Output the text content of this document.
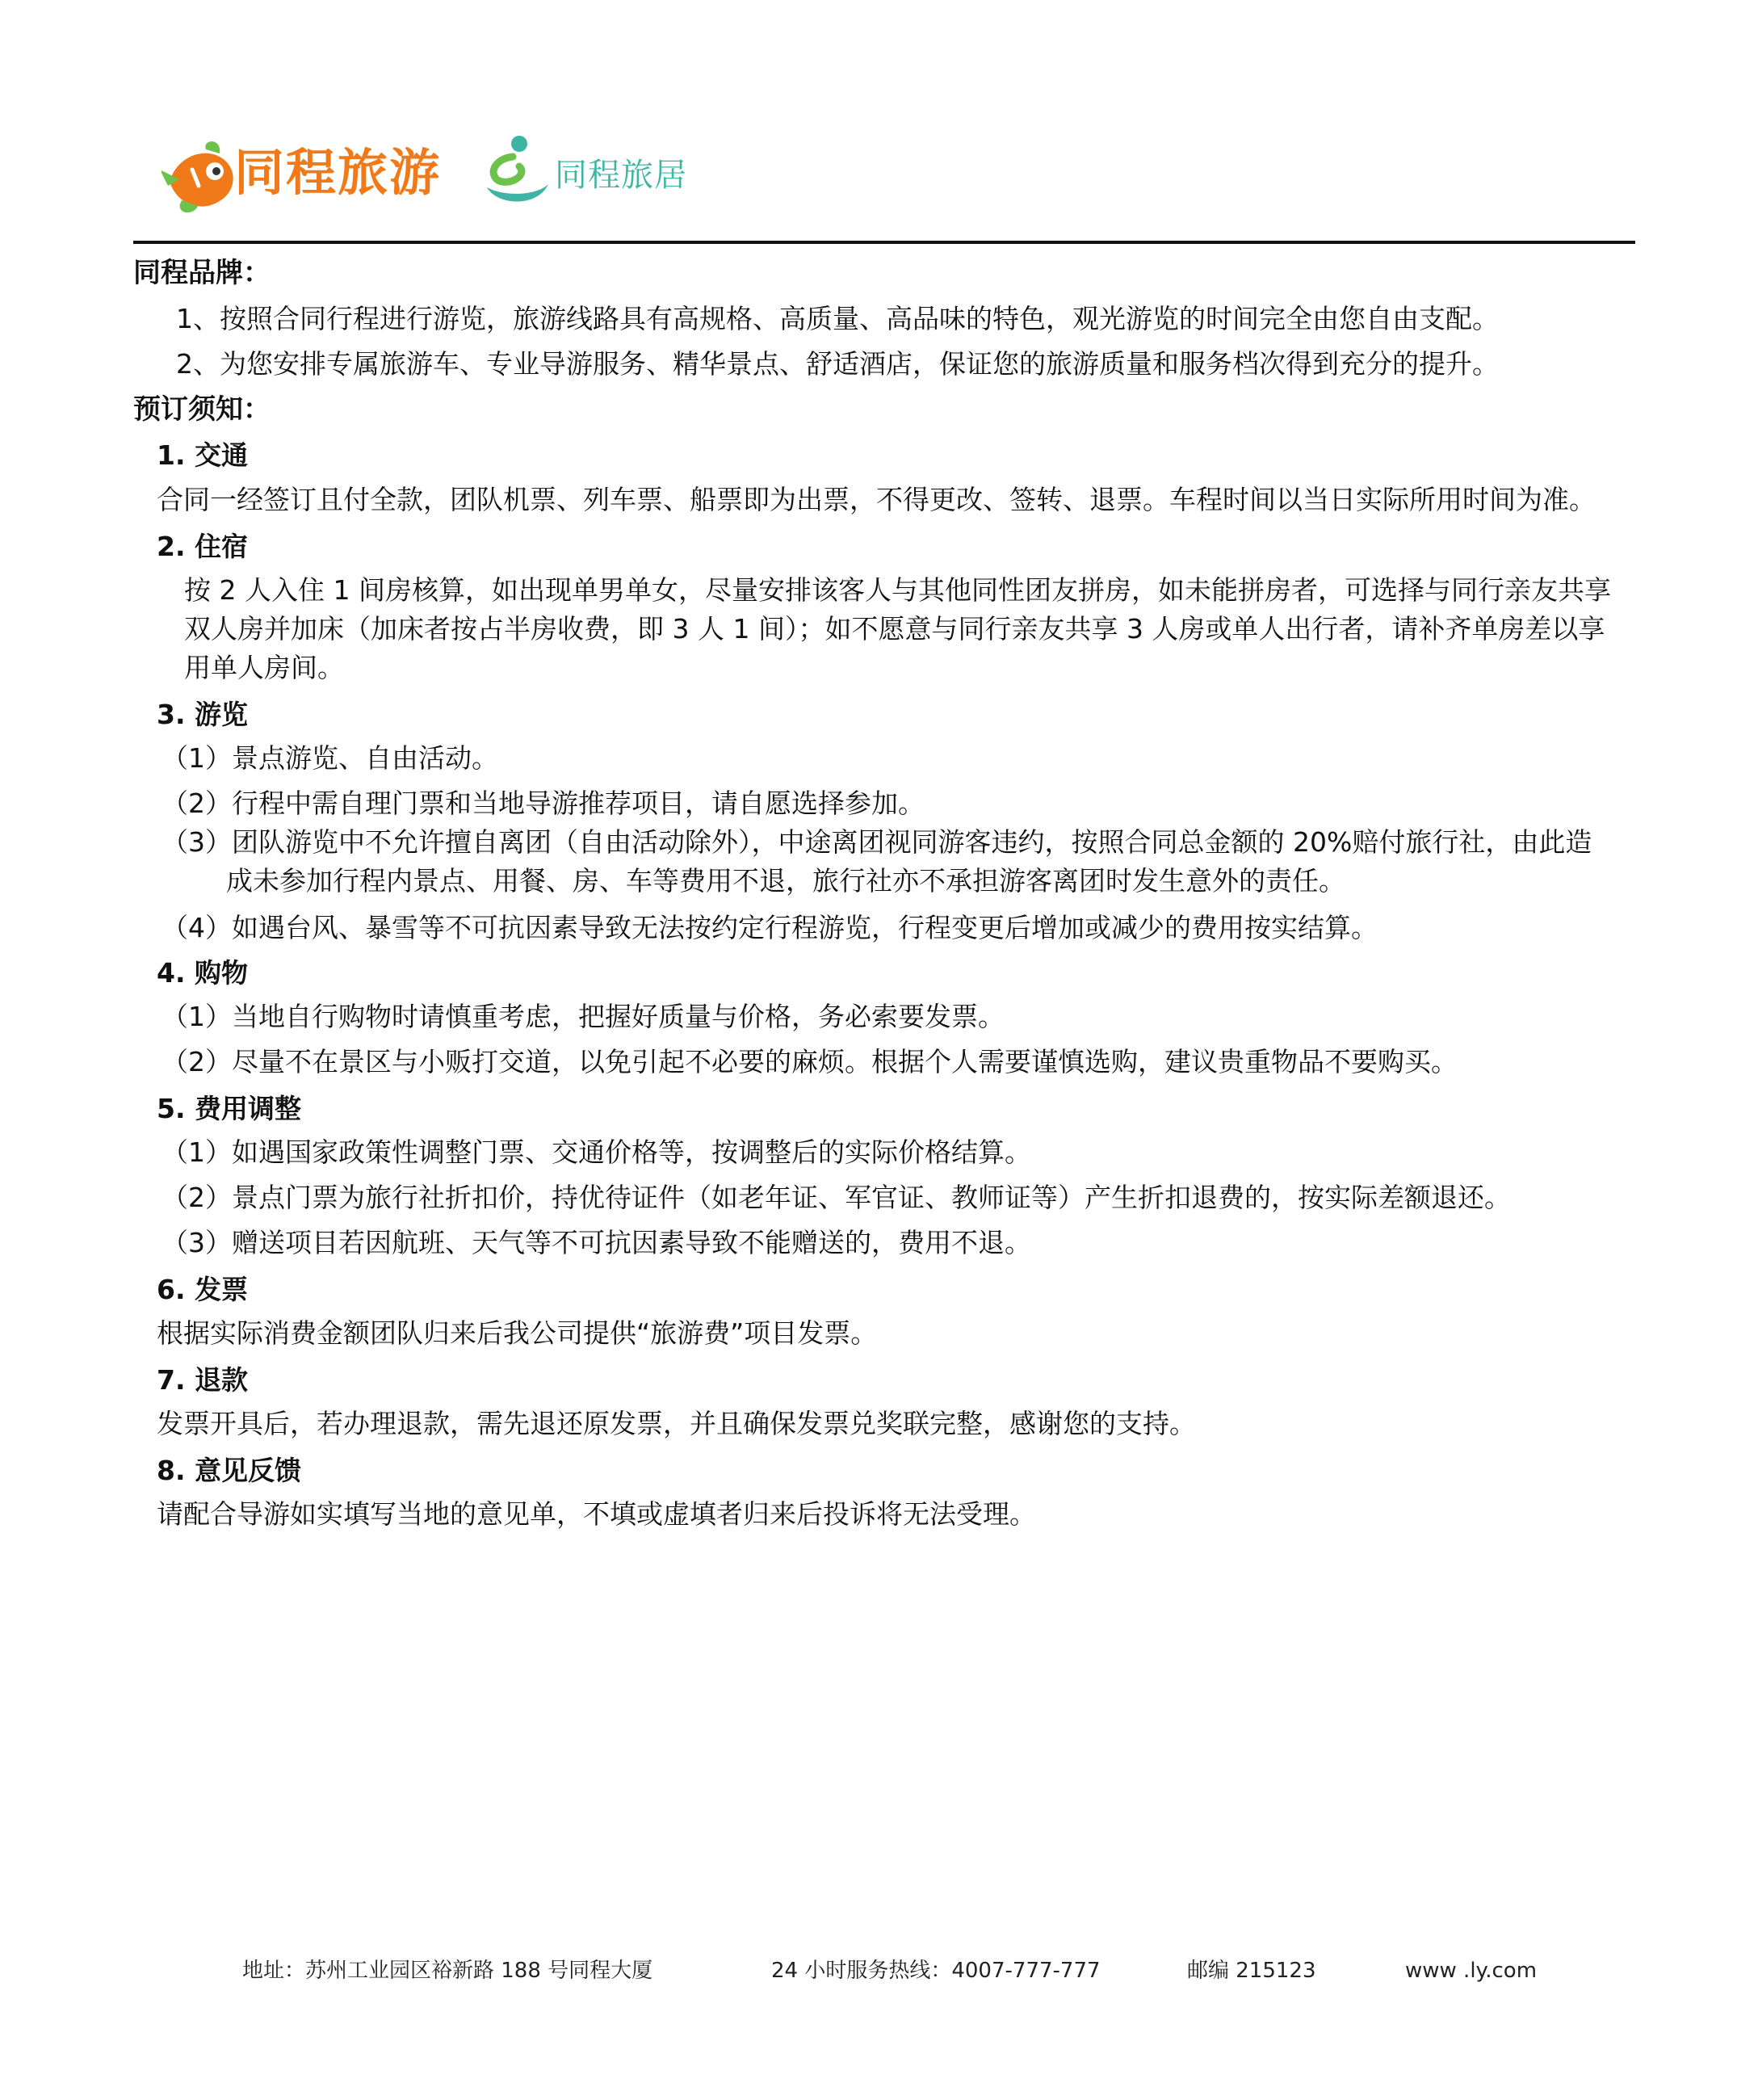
同程旅游	同程旅居
同程品牌：
1、按照合同行程进行游览，旅游线路具有高规格、高质量、高品味的特色，观光游览的时间完全由您自由支配。
2、为您安排专属旅游车、专业导游服务、精华景点、舒适酒店，保证您的旅游质量和服务档次得到充分的提升。
预订须知：
1. 交通
合同一经签订且付全款，团队机票、列车票、船票即为出票，不得更改、签转、退票。车程时间以当日实际所用时间为准。
2. 住宿
按 2 人入住 1 间房核算，如出现单男单女，尽量安排该客人与其他同性团友拼房，如未能拼房者，可选择与同行亲友共享
双人房并加床（加床者按占半房收费，即 3 人 1 间）；如不愿意与同行亲友共享 3 人房或单人出行者，请补齐单房差以享
用单人房间。
3. 游览
（1）景点游览、自由活动。
（2）行程中需自理门票和当地导游推荐项目，请自愿选择参加。
（3）团队游览中不允许擅自离团（自由活动除外），中途离团视同游客违约，按照合同总金额的 20%赔付旅行社，由此造
成未参加行程内景点、用餐、房、车等费用不退，旅行社亦不承担游客离团时发生意外的责任。
（4）如遇台风、暴雪等不可抗因素导致无法按约定行程游览，行程变更后增加或减少的费用按实结算。
4. 购物
（1）当地自行购物时请慎重考虑，把握好质量与价格，务必索要发票。
（2）尽量不在景区与小贩打交道，以免引起不必要的麻烦。根据个人需要谨慎选购，建议贵重物品不要购买。
5. 费用调整
（1）如遇国家政策性调整门票、交通价格等，按调整后的实际价格结算。
（2）景点门票为旅行社折扣价，持优待证件（如老年证、军官证、教师证等）产生折扣退费的，按实际差额退还。
（3）赠送项目若因航班、天气等不可抗因素导致不能赠送的，费用不退。
6. 发票
根据实际消费金额团队归来后我公司提供“旅游费”项目发票。
7. 退款
发票开具后，若办理退款，需先退还原发票，并且确保发票兑奖联完整，感谢您的支持。
8. 意见反馈
请配合导游如实填写当地的意见单，不填或虚填者归来后投诉将无法受理。
地址：苏州工业园区裕新路 188 号同程大厦	24 小时服务热线：4007-777-777	邮编 215123	www .ly.com
